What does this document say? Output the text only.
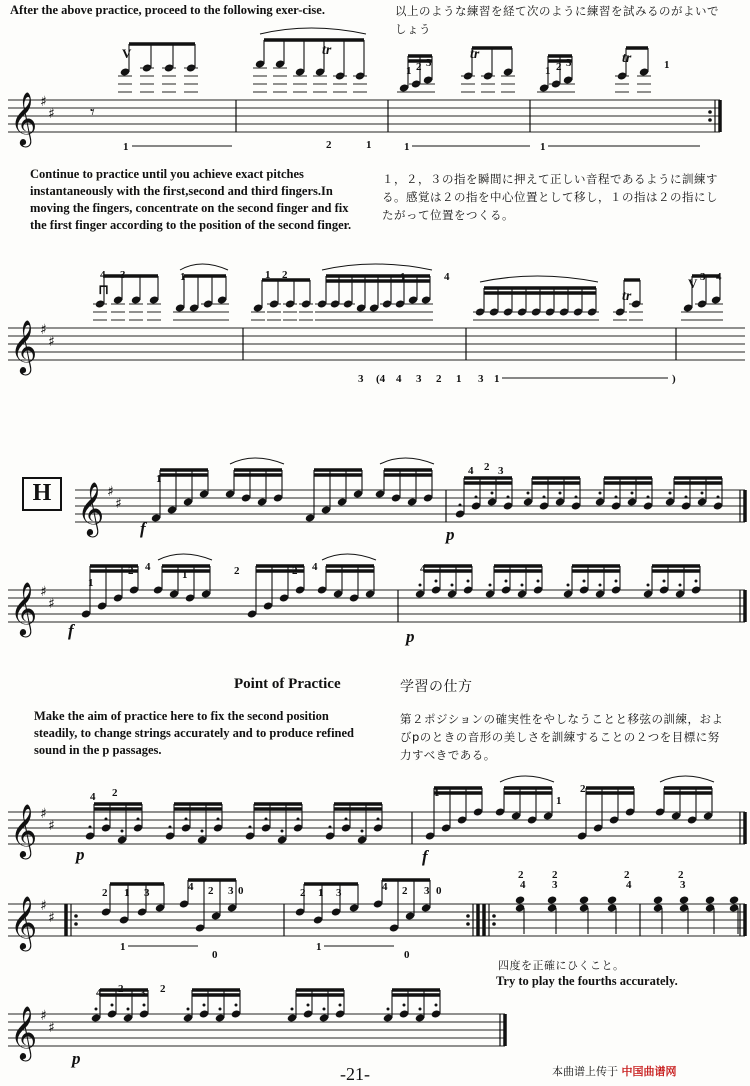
After the above practice, proceed to the following exer-cise.	以上のような練習を経て次のように練習を試みるのがよいでしょう
𝄞 ♯
♯ 𝄾
V	tr	tr	tr
1	2	1	1	1
1 2 3
1 2 3	1
Continue to practice until you achieve exact pitches instantaneously with the first,second and third fingers.In moving the fingers, concentrate on the second finger and fix the first finger according to the position of the second finger.
１，２，３の指を瞬間に押えて正しい音程であるように訓練する。感覚は２の指を中心位置として移し，１の指は２の指にしたがって位置をつくる。
𝄞 ♯
♯
⊓	tr
V
4 3	1	1 2	1	4	3 4
3 (4 4 3 2 1 3 1	)
H 𝄞 ♯
♯
f	p
1
4 2 3
𝄞 ♯
♯
f	p
1
2 4
1	2	2 4	4
Point of Practice	学習の仕方
Make the aim of practice here to fix the second position steadily, to change strings accurately and to produce refined sound in the p passages.
第２ポジションの確実性をやしなうことと移弦の訓練，およびpのときの音形の美しさを訓練することの２つを目標に努力すべきである。
𝄞 ♯
♯
p	f
4 2	1
1
2
𝄞 ♯
♯
2 1 3	4 2 3 0
1
0
2 1 3	4 2 3 0
1
0
2
4
2
3
2
4
2
3
四度を正確にひくこと。
Try to play the fourths accurately.
𝄞 ♯
♯
p
4 2 3 2
-21-	本曲谱上传于 中国曲谱网
